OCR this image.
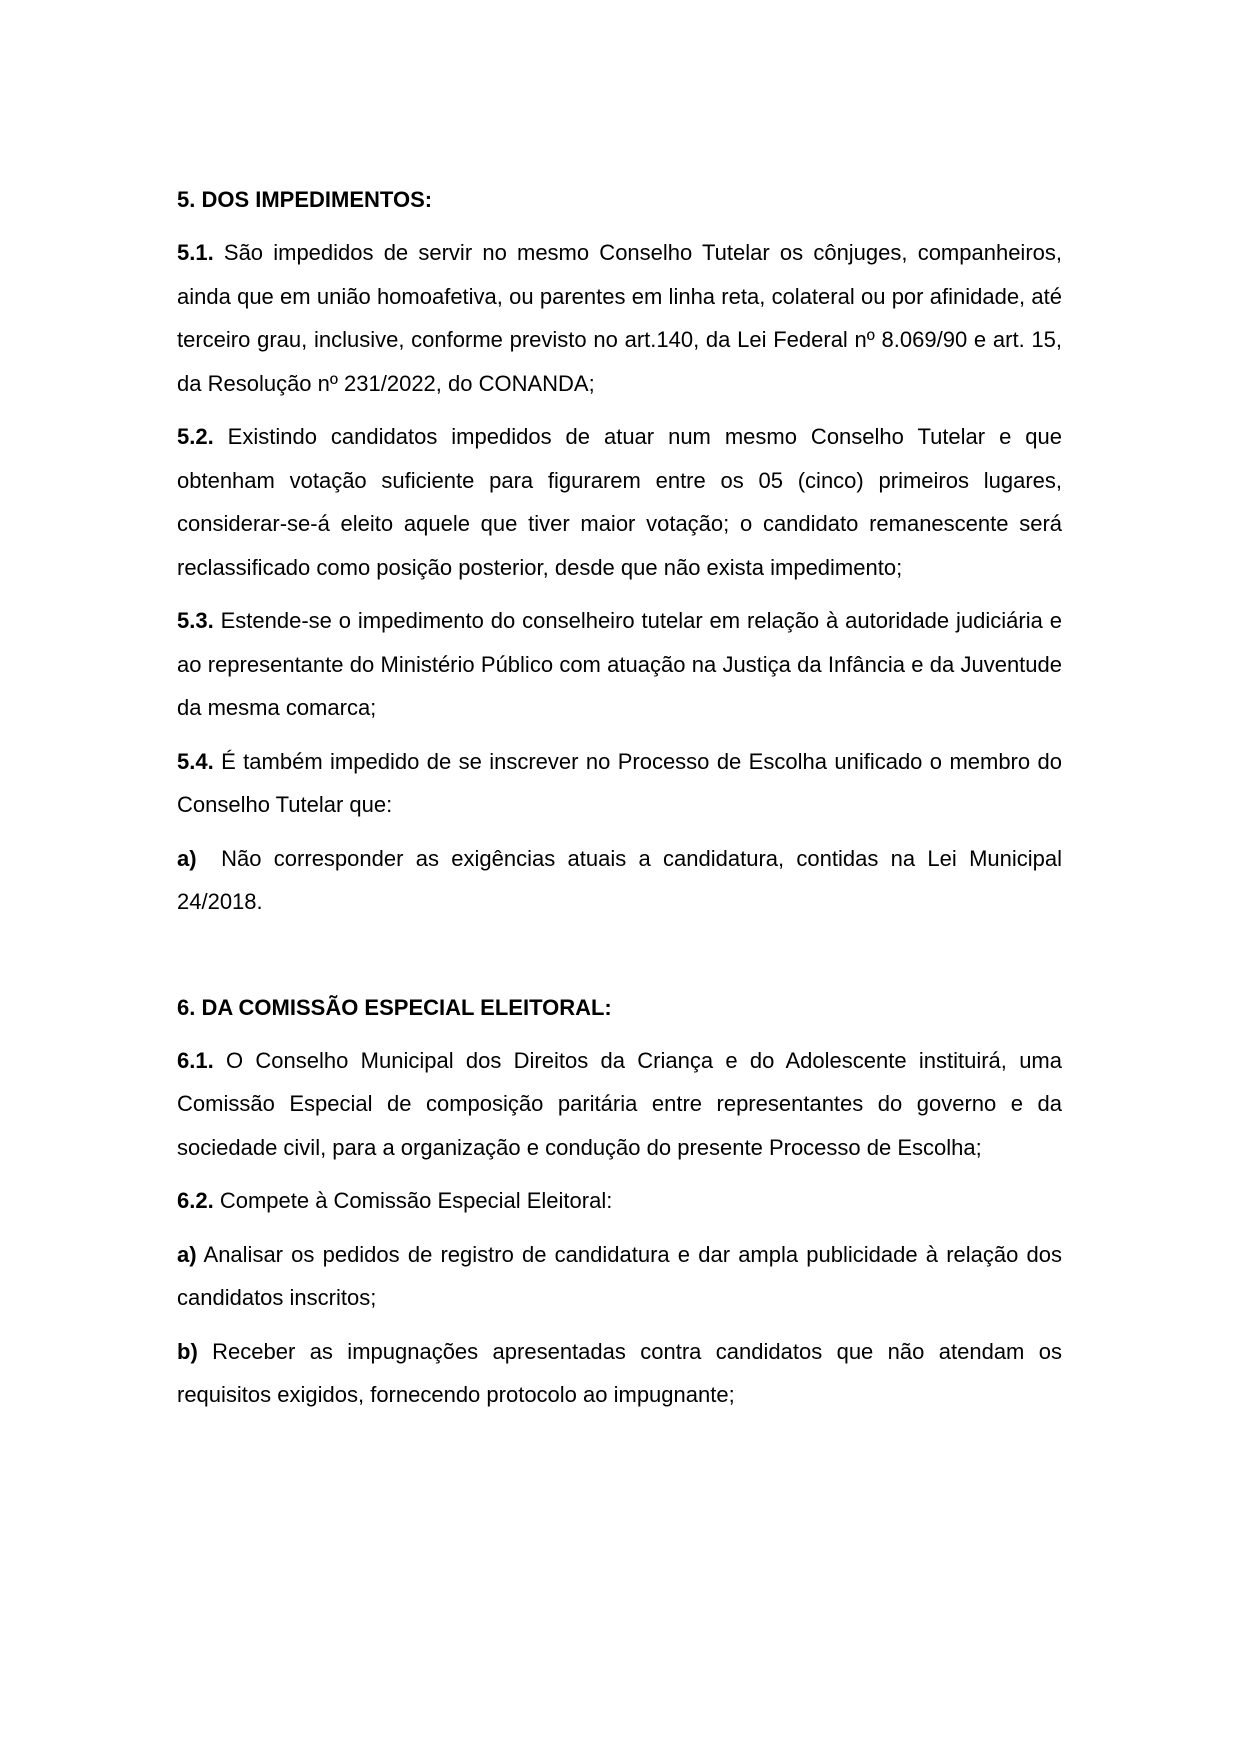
5. DOS IMPEDIMENTOS:

5.1. São impedidos de servir no mesmo Conselho Tutelar os cônjuges, companheiros, ainda que em união homoafetiva, ou parentes em linha reta, colateral ou por afinidade, até terceiro grau, inclusive, conforme previsto no art.140, da Lei Federal nº 8.069/90 e art. 15, da Resolução nº 231/2022, do CONANDA;

5.2. Existindo candidatos impedidos de atuar num mesmo Conselho Tutelar e que obtenham votação suficiente para figurarem entre os 05 (cinco) primeiros lugares, considerar-se-á eleito aquele que tiver maior votação; o candidato remanescente será reclassificado como posição posterior, desde que não exista impedimento;

5.3. Estende-se o impedimento do conselheiro tutelar em relação à autoridade judiciária e ao representante do Ministério Público com atuação na Justiça da Infância e da Juventude da mesma comarca;

5.4. É também impedido de se inscrever no Processo de Escolha unificado o membro do Conselho Tutelar que:

a)  Não corresponder as exigências atuais a candidatura, contidas na Lei Municipal 24/2018.

6. DA COMISSÃO ESPECIAL ELEITORAL:

6.1. O Conselho Municipal dos Direitos da Criança e do Adolescente instituirá, uma Comissão Especial de composição paritária entre representantes do governo e da sociedade civil, para a organização e condução do presente Processo de Escolha;

6.2. Compete à Comissão Especial Eleitoral:

a) Analisar os pedidos de registro de candidatura e dar ampla publicidade à relação dos candidatos inscritos;

b) Receber as impugnações apresentadas contra candidatos que não atendam os requisitos exigidos, fornecendo protocolo ao impugnante;
